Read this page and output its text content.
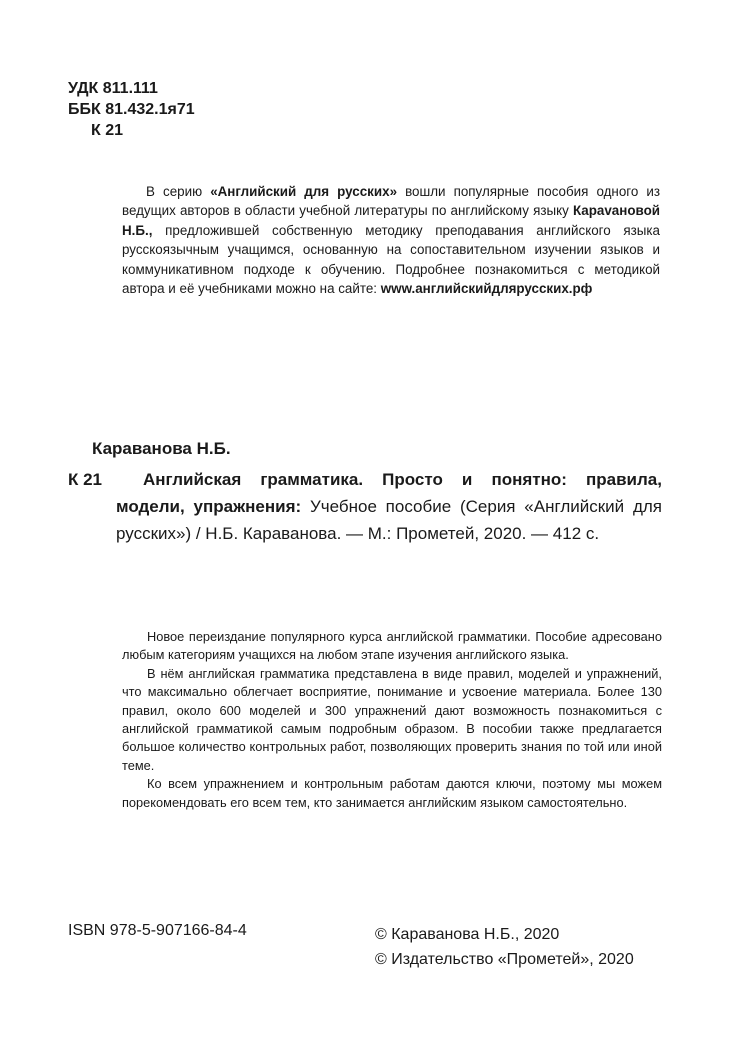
УДК 811.111
ББК 81.432.1я71
К 21
В серию «Английский для русских» вошли популярные пособия одного из ведущих авторов в области учебной литературы по английскому языку Карavановой Н.Б., предложившей собственную методику преподавания английского языка русскоязычным учащимся, основанную на сопоставительном изучении языков и коммуникативном подходе к обучению. Подробнее познакомиться с методикой автора и её учебниками можно на сайте: www.английскийдлярусских.рф
Караванова Н.Б.
К 21	Английская грамматика. Просто и понятно: правила, модели, упражнения: Учебное пособие (Серия «Английский для русских») / Н.Б. Караванова. — М.: Прометей, 2020. — 412 с.

Новое переиздание популярного курса английской грамматики. Пособие адресовано любым категориям учащихся на любом этапе изучения английского языка.

В нём английская грамматика представлена в виде правил, моделей и упражнений, что максимально облегчает восприятие, понимание и усвоение материала. Более 130 правил, около 600 моделей и 300 упражнений дают возможность познакомиться с английской грамматикой самым подробным образом. В пособии также предлагается большое количество контрольных работ, позволяющих проверить знания по той или иной теме.

Ко всем упражнением и контрольным работам даются ключи, поэтому мы можем порекомендовать его всем тем, кто занимается английским языком самостоятельно.

ISBN 978-5-907166-84-4	© Караванова Н.Б., 2020
© Издательство «Прометей», 2020
